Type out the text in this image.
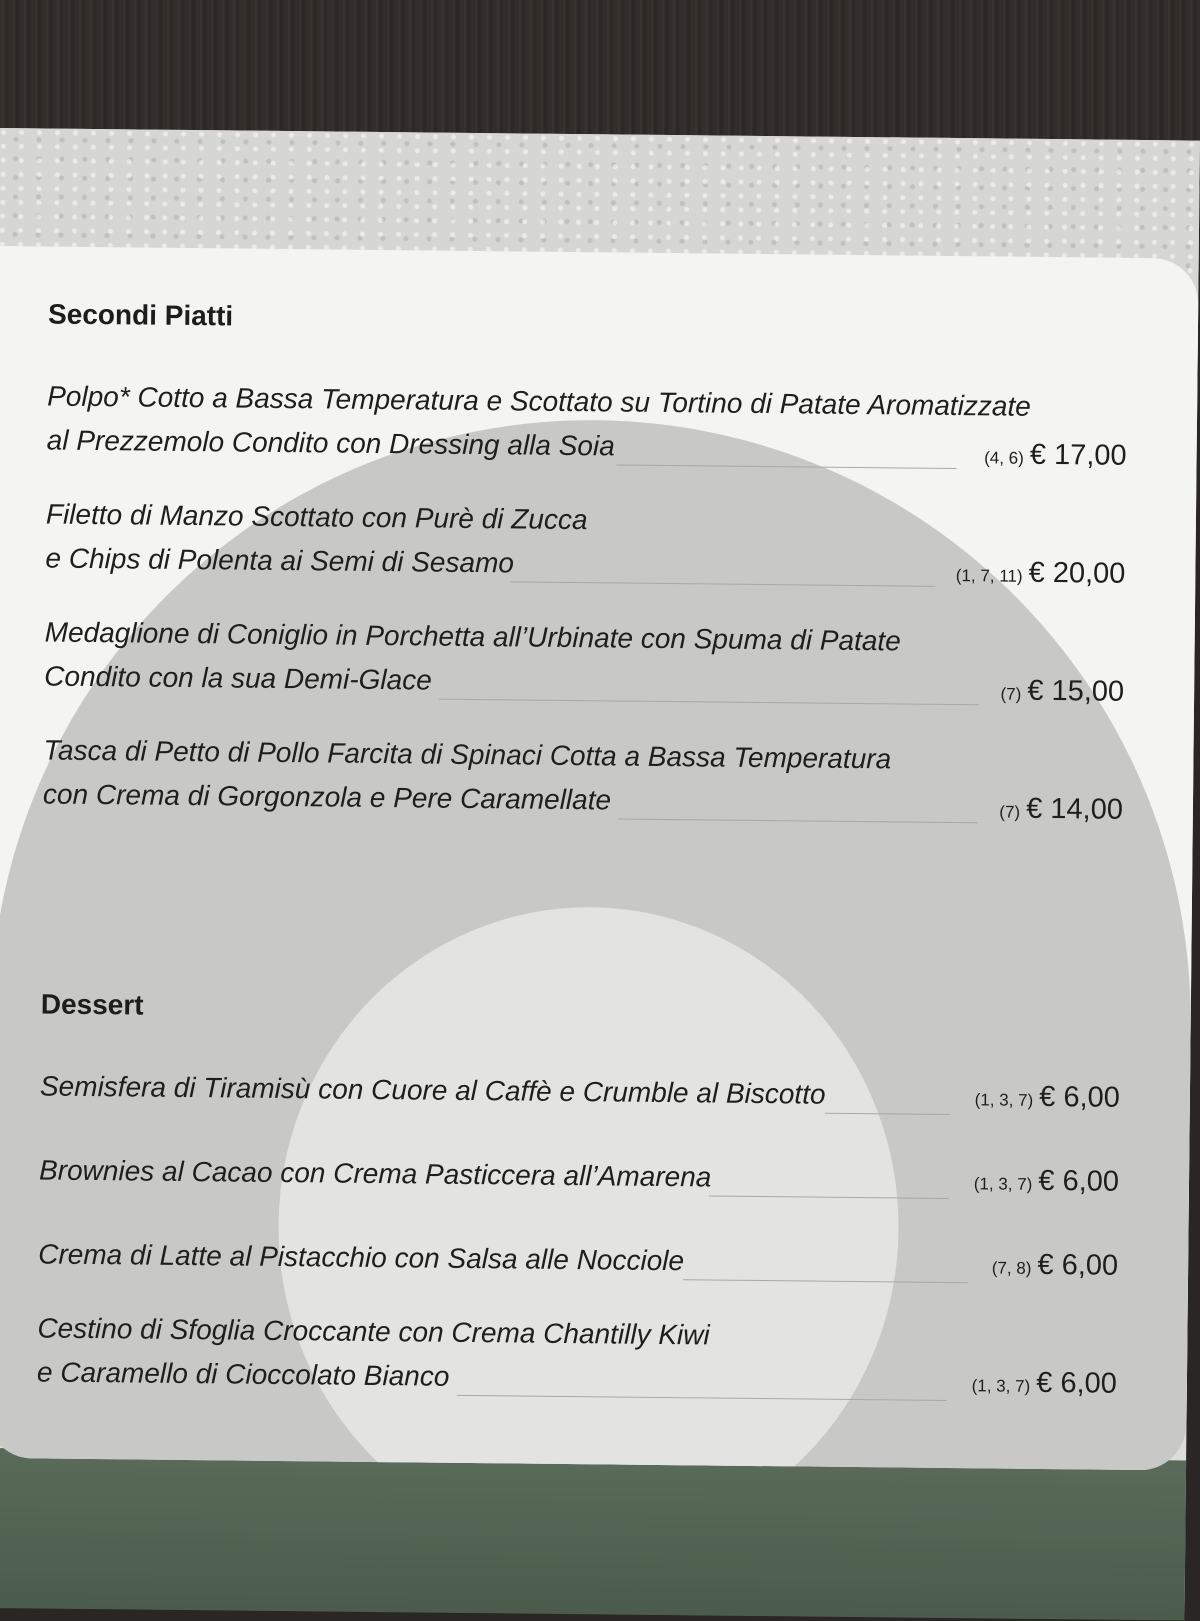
Secondi Piatti
Polpo* Cotto a Bassa Temperatura e Scottato su Tortino di Patate Aromatizzate
al Prezzemolo Condito con Dressing alla Soia	(4, 6) € 17,00
Filetto di Manzo Scottato con Purè di Zucca
e Chips di Polenta ai Semi di Sesamo	(1, 7, 11) € 20,00
Medaglione di Coniglio in Porchetta all’Urbinate con Spuma di Patate
Condito con la sua Demi-Glace	(7) € 15,00
Tasca di Petto di Pollo Farcita di Spinaci Cotta a Bassa Temperatura
con Crema di Gorgonzola e Pere Caramellate	(7) € 14,00
Dessert
Semisfera di Tiramisù con Cuore al Caffè e Crumble al Biscotto	(1, 3, 7) € 6,00
Brownies al Cacao con Crema Pasticcera all’Amarena	(1, 3, 7) € 6,00
Crema di Latte al Pistacchio con Salsa alle Nocciole	(7, 8) € 6,00
Cestino di Sfoglia Croccante con Crema Chantilly Kiwi
e Caramello di Cioccolato Bianco	(1, 3, 7) € 6,00
